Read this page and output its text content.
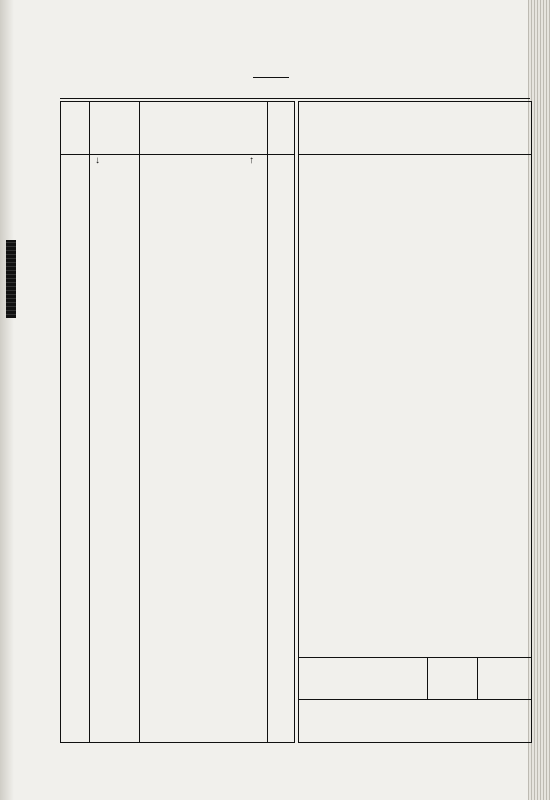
↓	↑
